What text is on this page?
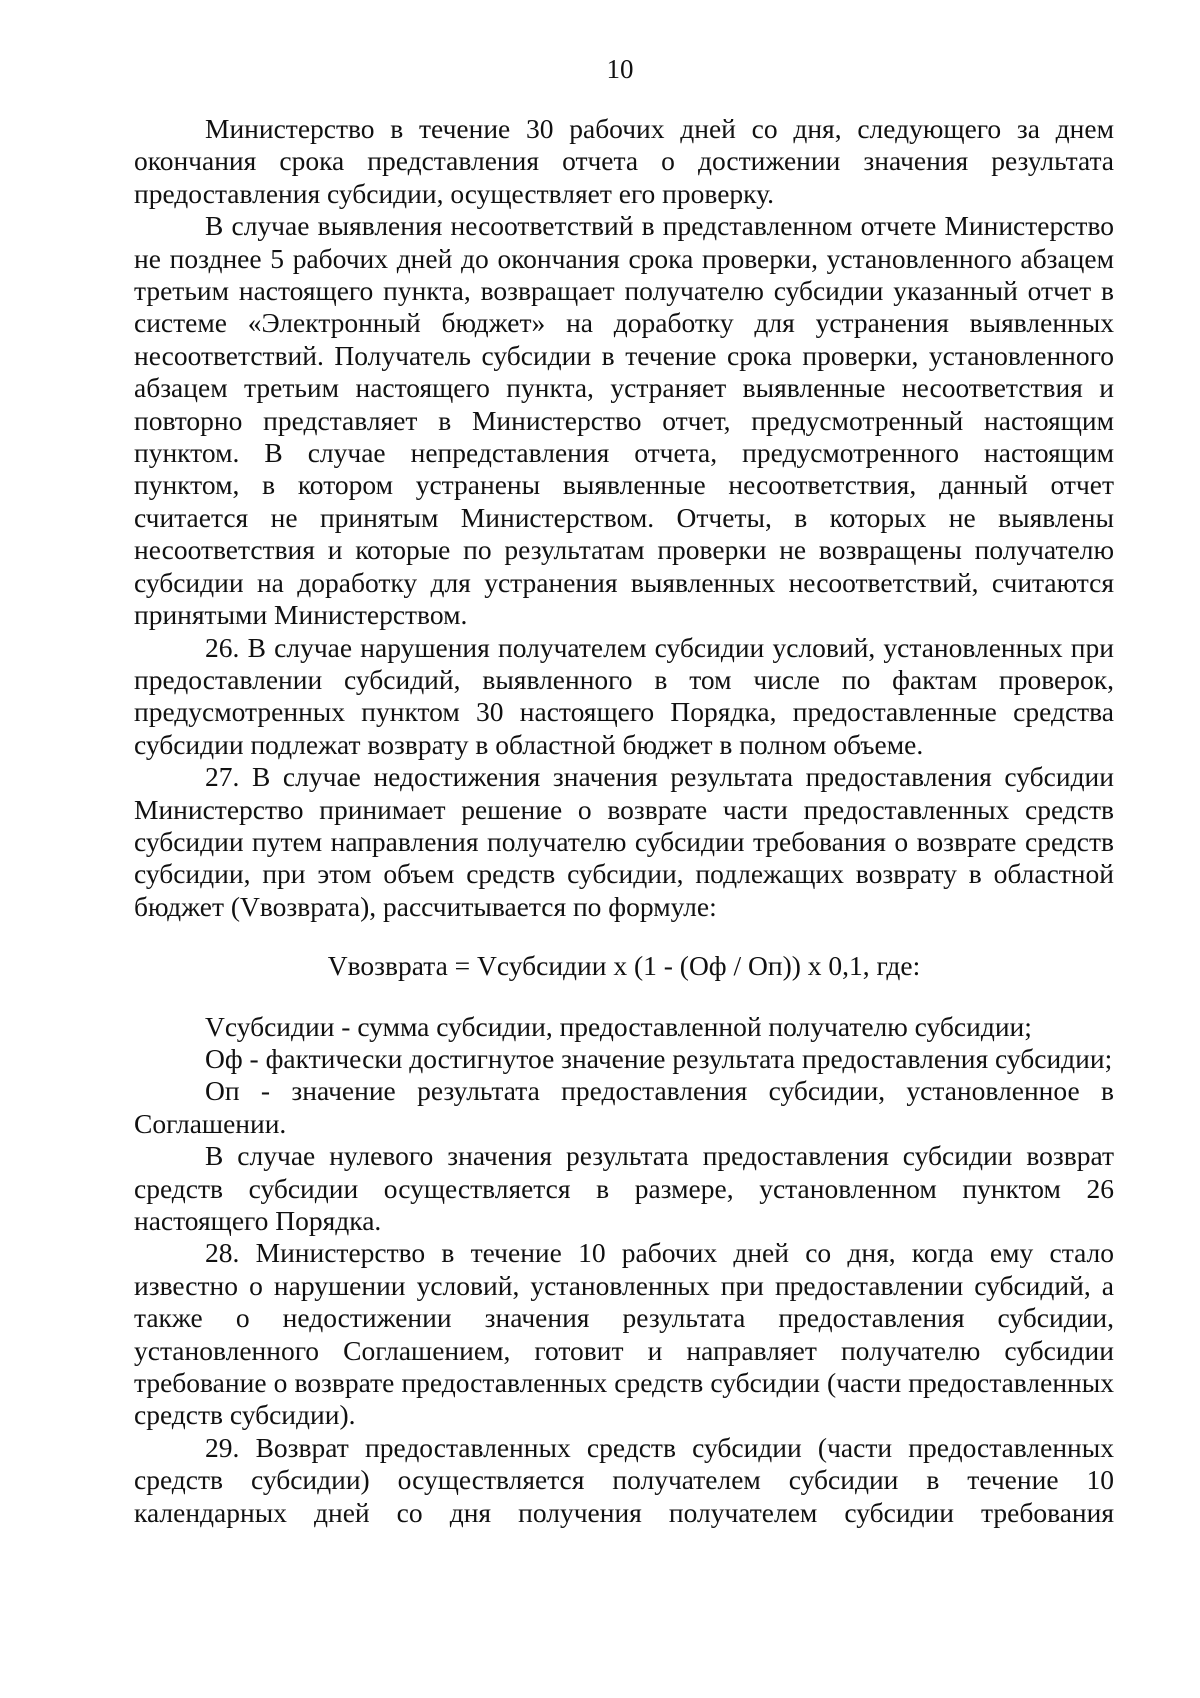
10

Министерство в течение 30 рабочих дней со дня, следующего за днем окончания срока представления отчета о достижении значения результата предоставления субсидии, осуществляет его проверку.

В случае выявления несоответствий в представленном отчете Министерство не позднее 5 рабочих дней до окончания срока проверки, установленного абзацем третьим настоящего пункта, возвращает получателю субсидии указанный отчет в системе «Электронный бюджет» на доработку для устранения выявленных несоответствий. Получатель субсидии в течение срока проверки, установленного абзацем третьим настоящего пункта, устраняет выявленные несоответствия и повторно представляет в Министерство отчет, предусмотренный настоящим пунктом. В случае непредставления отчета, предусмотренного настоящим пунктом, в котором устранены выявленные несоответствия, данный отчет считается не принятым Министерством. Отчеты, в которых не выявлены несоответствия и которые по результатам проверки не возвращены получателю субсидии на доработку для устранения выявленных несоответствий, считаются принятыми Министерством.

26. В случае нарушения получателем субсидии условий, установленных при предоставлении субсидий, выявленного в том числе по фактам проверок, предусмотренных пунктом 30 настоящего Порядка, предоставленные средства субсидии подлежат возврату в областной бюджет в полном объеме.

27. В случае недостижения значения результата предоставления субсидии Министерство принимает решение о возврате части предоставленных средств субсидии путем направления получателю субсидии требования о возврате средств субсидии, при этом объем средств субсидии, подлежащих возврату в областной бюджет (Vвозврата), рассчитывается по формуле:

Vвозврата = Vсубсидии x (1 - (Оф / Оп)) x 0,1, где:

Vсубсидии - сумма субсидии, предоставленной получателю субсидии;

Оф - фактически достигнутое значение результата предоставления субсидии;

Оп - значение результата предоставления субсидии, установленное в Соглашении.

В случае нулевого значения результата предоставления субсидии возврат средств субсидии осуществляется в размере, установленном пунктом 26 настоящего Порядка.

28. Министерство в течение 10 рабочих дней со дня, когда ему стало известно о нарушении условий, установленных при предоставлении субсидий, а также о недостижении значения результата предоставления субсидии, установленного Соглашением, готовит и направляет получателю субсидии требование о возврате предоставленных средств субсидии (части предоставленных средств субсидии).

29. Возврат предоставленных средств субсидии (части предоставленных средств субсидии) осуществляется получателем субсидии в течение 10 календарных дней со дня получения получателем субсидии требования
